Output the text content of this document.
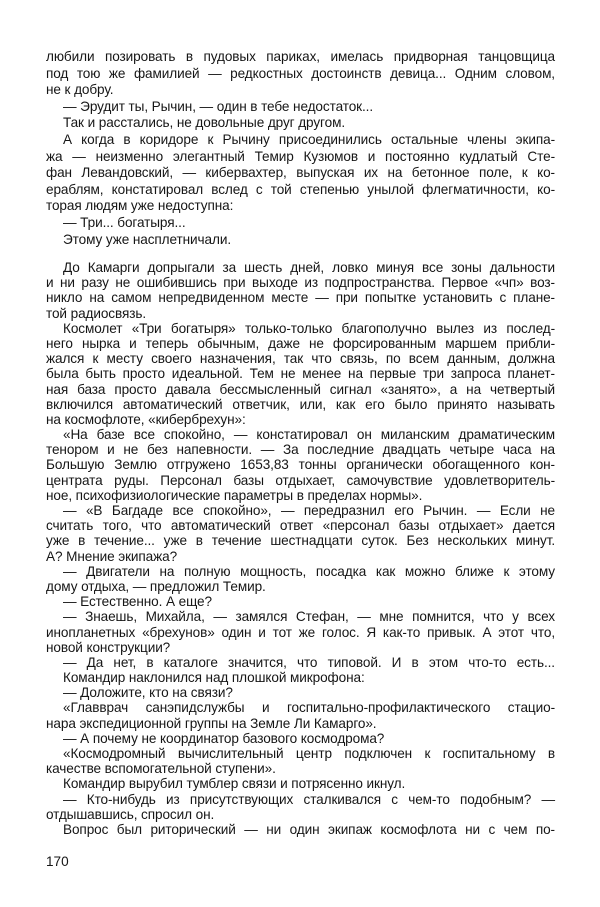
любили позировать в пудовых париках, имелась придворная танцовщица
под тою же фамилией — редкостных достоинств девица... Одним словом,
не к добру.
— Эрудит ты, Рычин, — один в тебе недостаток...
Так и расстались, не довольные друг другом.
А когда в коридоре к Рычину присоединились остальные члены экипа-
жа — неизменно элегантный Темир Кузюмов и постоянно кудлатый Сте-
фан Левандовский, — кибервахтер, выпуская их на бетонное поле, к ко-
ераблям, констатировал вслед с той степенью унылой флегматичности, ко-
торая людям уже недоступна:
— Три... богатыря...
Этому уже насплетничали.
До Камарги допрыгали за шесть дней, ловко минуя все зоны дальности
и ни разу не ошибившись при выходе из подпространства. Первое «чп» воз-
никло на самом непредвиденном месте — при попытке установить с плане-
той радиосвязь.
Космолет «Три богатыря» только-только благополучно вылез из послед-
него нырка и теперь обычным, даже не форсированным маршем прибли-
жался к месту своего назначения, так что связь, по всем данным, должна
была быть просто идеальной. Тем не менее на первые три запроса планет-
ная база просто давала бессмысленный сигнал «занято», а на четвертый
включился автоматический ответчик, или, как его было принято называть
на космофлоте, «кибербрехун»:
«На базе все спокойно, — констатировал он миланским драматическим
тенором и не без напевности. — За последние двадцать четыре часа на
Большую Землю отгружено 1653,83 тонны органически обогащенного кон-
центрата руды. Персонал базы отдыхает, самочувствие удовлетворитель-
ное, психофизиологические параметры в пределах нормы».
— «В Багдаде все спокойно», — передразнил его Рычин. — Если не
считать того, что автоматический ответ «персонал базы отдыхает» дается
уже в течение... уже в течение шестнадцати суток. Без нескольких минут.
А? Мнение экипажа?
— Двигатели на полную мощность, посадка как можно ближе к этому
дому отдыха, — предложил Темир.
— Естественно. А еще?
— Знаешь, Михайла, — замялся Стефан, — мне помнится, что у всех
инопланетных «брехунов» один и тот же голос. Я как-то привык. А этот что,
новой конструкции?
— Да нет, в каталоге значится, что типовой. И в этом что-то есть...
Командир наклонился над плошкой микрофона:
— Доложите, кто на связи?
«Главврач санэпидслужбы и госпитально-профилактического стацио-
нара экспедиционной группы на Земле Ли Камарго».
— А почему не координатор базового космодрома?
«Космодромный вычислительный центр подключен к госпитальному в
качестве вспомогательной ступени».
Командир вырубил тумблер связи и потрясенно икнул.
— Кто-нибудь из присутствующих сталкивался с чем-то подобным? —
отдышавшись, спросил он.
Вопрос был риторический — ни один экипаж космофлота ни с чем по-
170
